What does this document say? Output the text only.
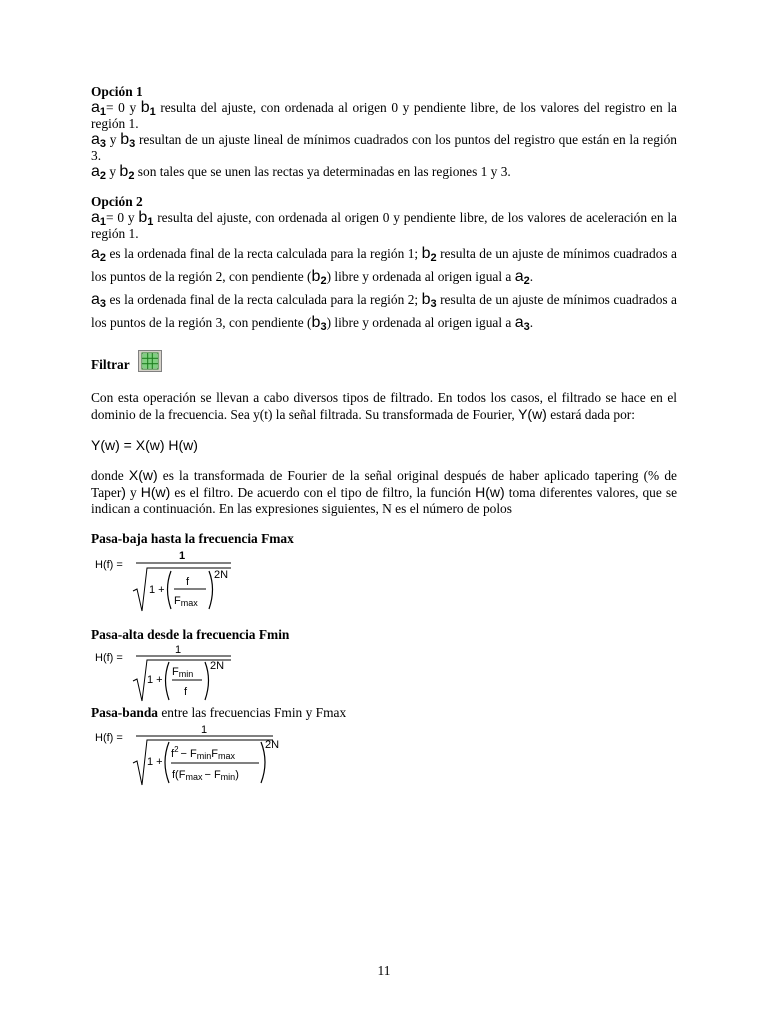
Opción 1

$a_1= 0$ y $b_1$ resulta del ajuste, con ordenada al origen 0 y pendiente libre, de los valores del registro en la región 1.

$a_3$ y $b_3$ resultan de un ajuste lineal de mínimos cuadrados con los puntos del registro que están en la región 3.

$a_2$ y $b_2$ son tales que se unen las rectas ya determinadas en las regiones 1 y 3.

Opción 2

$a_1= 0$ y $b_1$ resulta del ajuste, con ordenada al origen 0 y pendiente libre, de los valores de aceleración en la región 1.

$a_2$ es la ordenada final de la recta calculada para la región 1; $b_2$ resulta de un ajuste de mínimos cuadrados a los puntos de la región 2, con pendiente $(b_2)$ libre y ordenada al origen igual a $a_2$.

$a_3$ es la ordenada final de la recta calculada para la región 2; $b_3$ resulta de un ajuste de mínimos cuadrados a los puntos de la región 3, con pendiente $(b_3)$ libre y ordenada al origen igual a $a_3$.

Filtrar

Con esta operación se llevan a cabo diversos tipos de filtrado. En todos los casos, el filtrado se hace en el dominio de la frecuencia. Sea y(t) la señal filtrada. Su transformada de Fourier, Y(w) estará dada por:

Y(w) = X(w) H(w)

donde X(w) es la transformada de Fourier de la señal original después de haber aplicado tapering (% de Taper) y H(w) es el filtro. De acuerdo con el tipo de filtro, la función H(w) toma diferentes valores, que se indican a continuación. En las expresiones siguientes, N es el número de polos

Pasa-baja hasta la frecuencia Fmax

H(f) =
1
1 +
f
Fmax
2N

Pasa-alta desde la frecuencia Fmin

H(f) =
1
1 +
Fmin
f
2N

Pasa-banda entre las frecuencias Fmin y Fmax

H(f) =
1
1 +
$f^2$ − FminFmax
f(Fmax − Fmin)
2N
11
